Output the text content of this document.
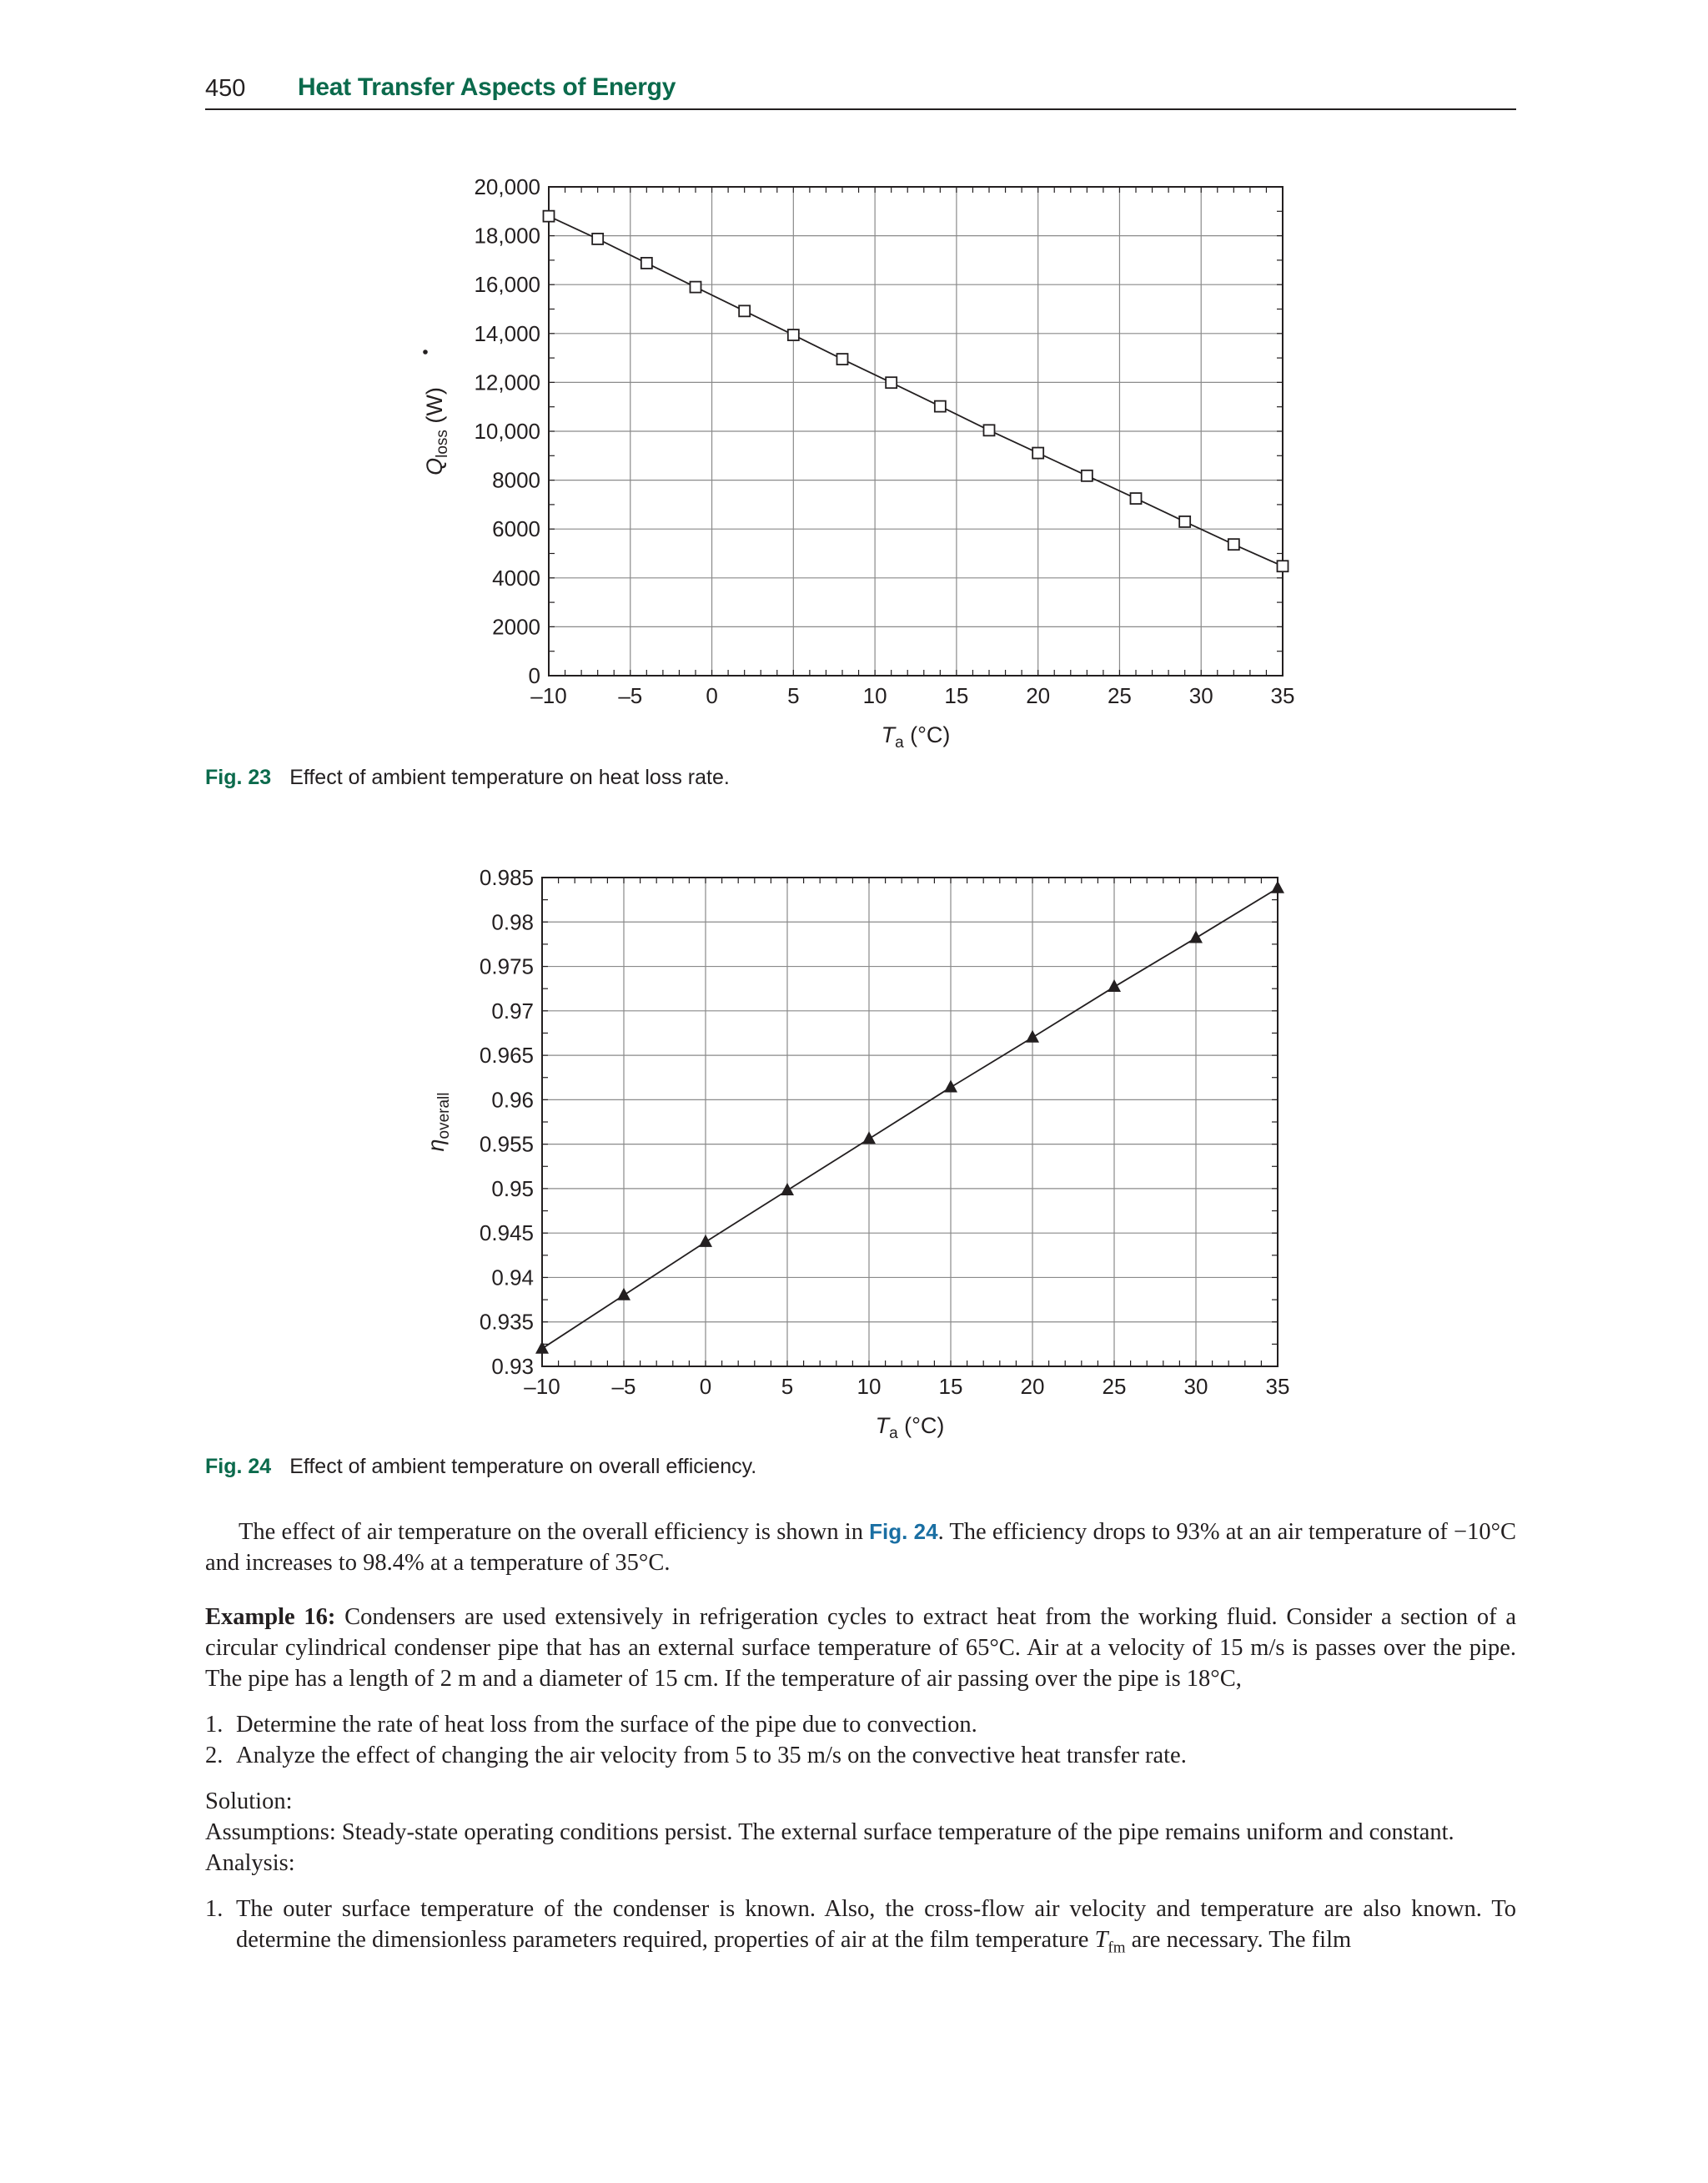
450 Heat Transfer Aspects of Energy
–10 –5	0	5	10	15	20	25	30	35
0
2000
4000
6000
8000
10,000
12,000
14,000
16,000
18,000
20,000
$T_a$ (°C)
$Q_{loss}$ (W)
Fig. 23 Effect of ambient temperature on heat loss rate.
–10 –5	0	5	10	15	20	25	30	35
0.93
0.935
0.94
0.945
0.95
0.955
0.96
0.965
0.97
0.975
0.98
0.985
$T_a$ (°C)
$\eta_{overall}$
Fig. 24 Effect of ambient temperature on overall efficiency.

The effect of air temperature on the overall efficiency is shown in Fig. 24. The efficiency drops to 93% at an air temperature of −10°C and increases to 98.4% at a temperature of 35°C.

Example 16: Condensers are used extensively in refrigeration cycles to extract heat from the working fluid. Consider a section of a circular cylindrical condenser pipe that has an external surface temperature of 65°C. Air at a velocity of 15 m/s is passes over the pipe. The pipe has a length of 2 m and a diameter of 15 cm. If the temperature of air passing over the pipe is 18°C,

1. Determine the rate of heat loss from the surface of the pipe due to convection.
2. Analyze the effect of changing the air velocity from 5 to 35 m/s on the convective heat transfer rate.

Solution:

Assumptions: Steady-state operating conditions persist. The external surface temperature of the pipe remains uniform and constant.

Analysis:

1. The outer surface temperature of the condenser is known. Also, the cross-flow air velocity and temperature are also known. To determine the dimensionless parameters required, properties of air at the film temperature $T_{fm}$ are necessary. The film
